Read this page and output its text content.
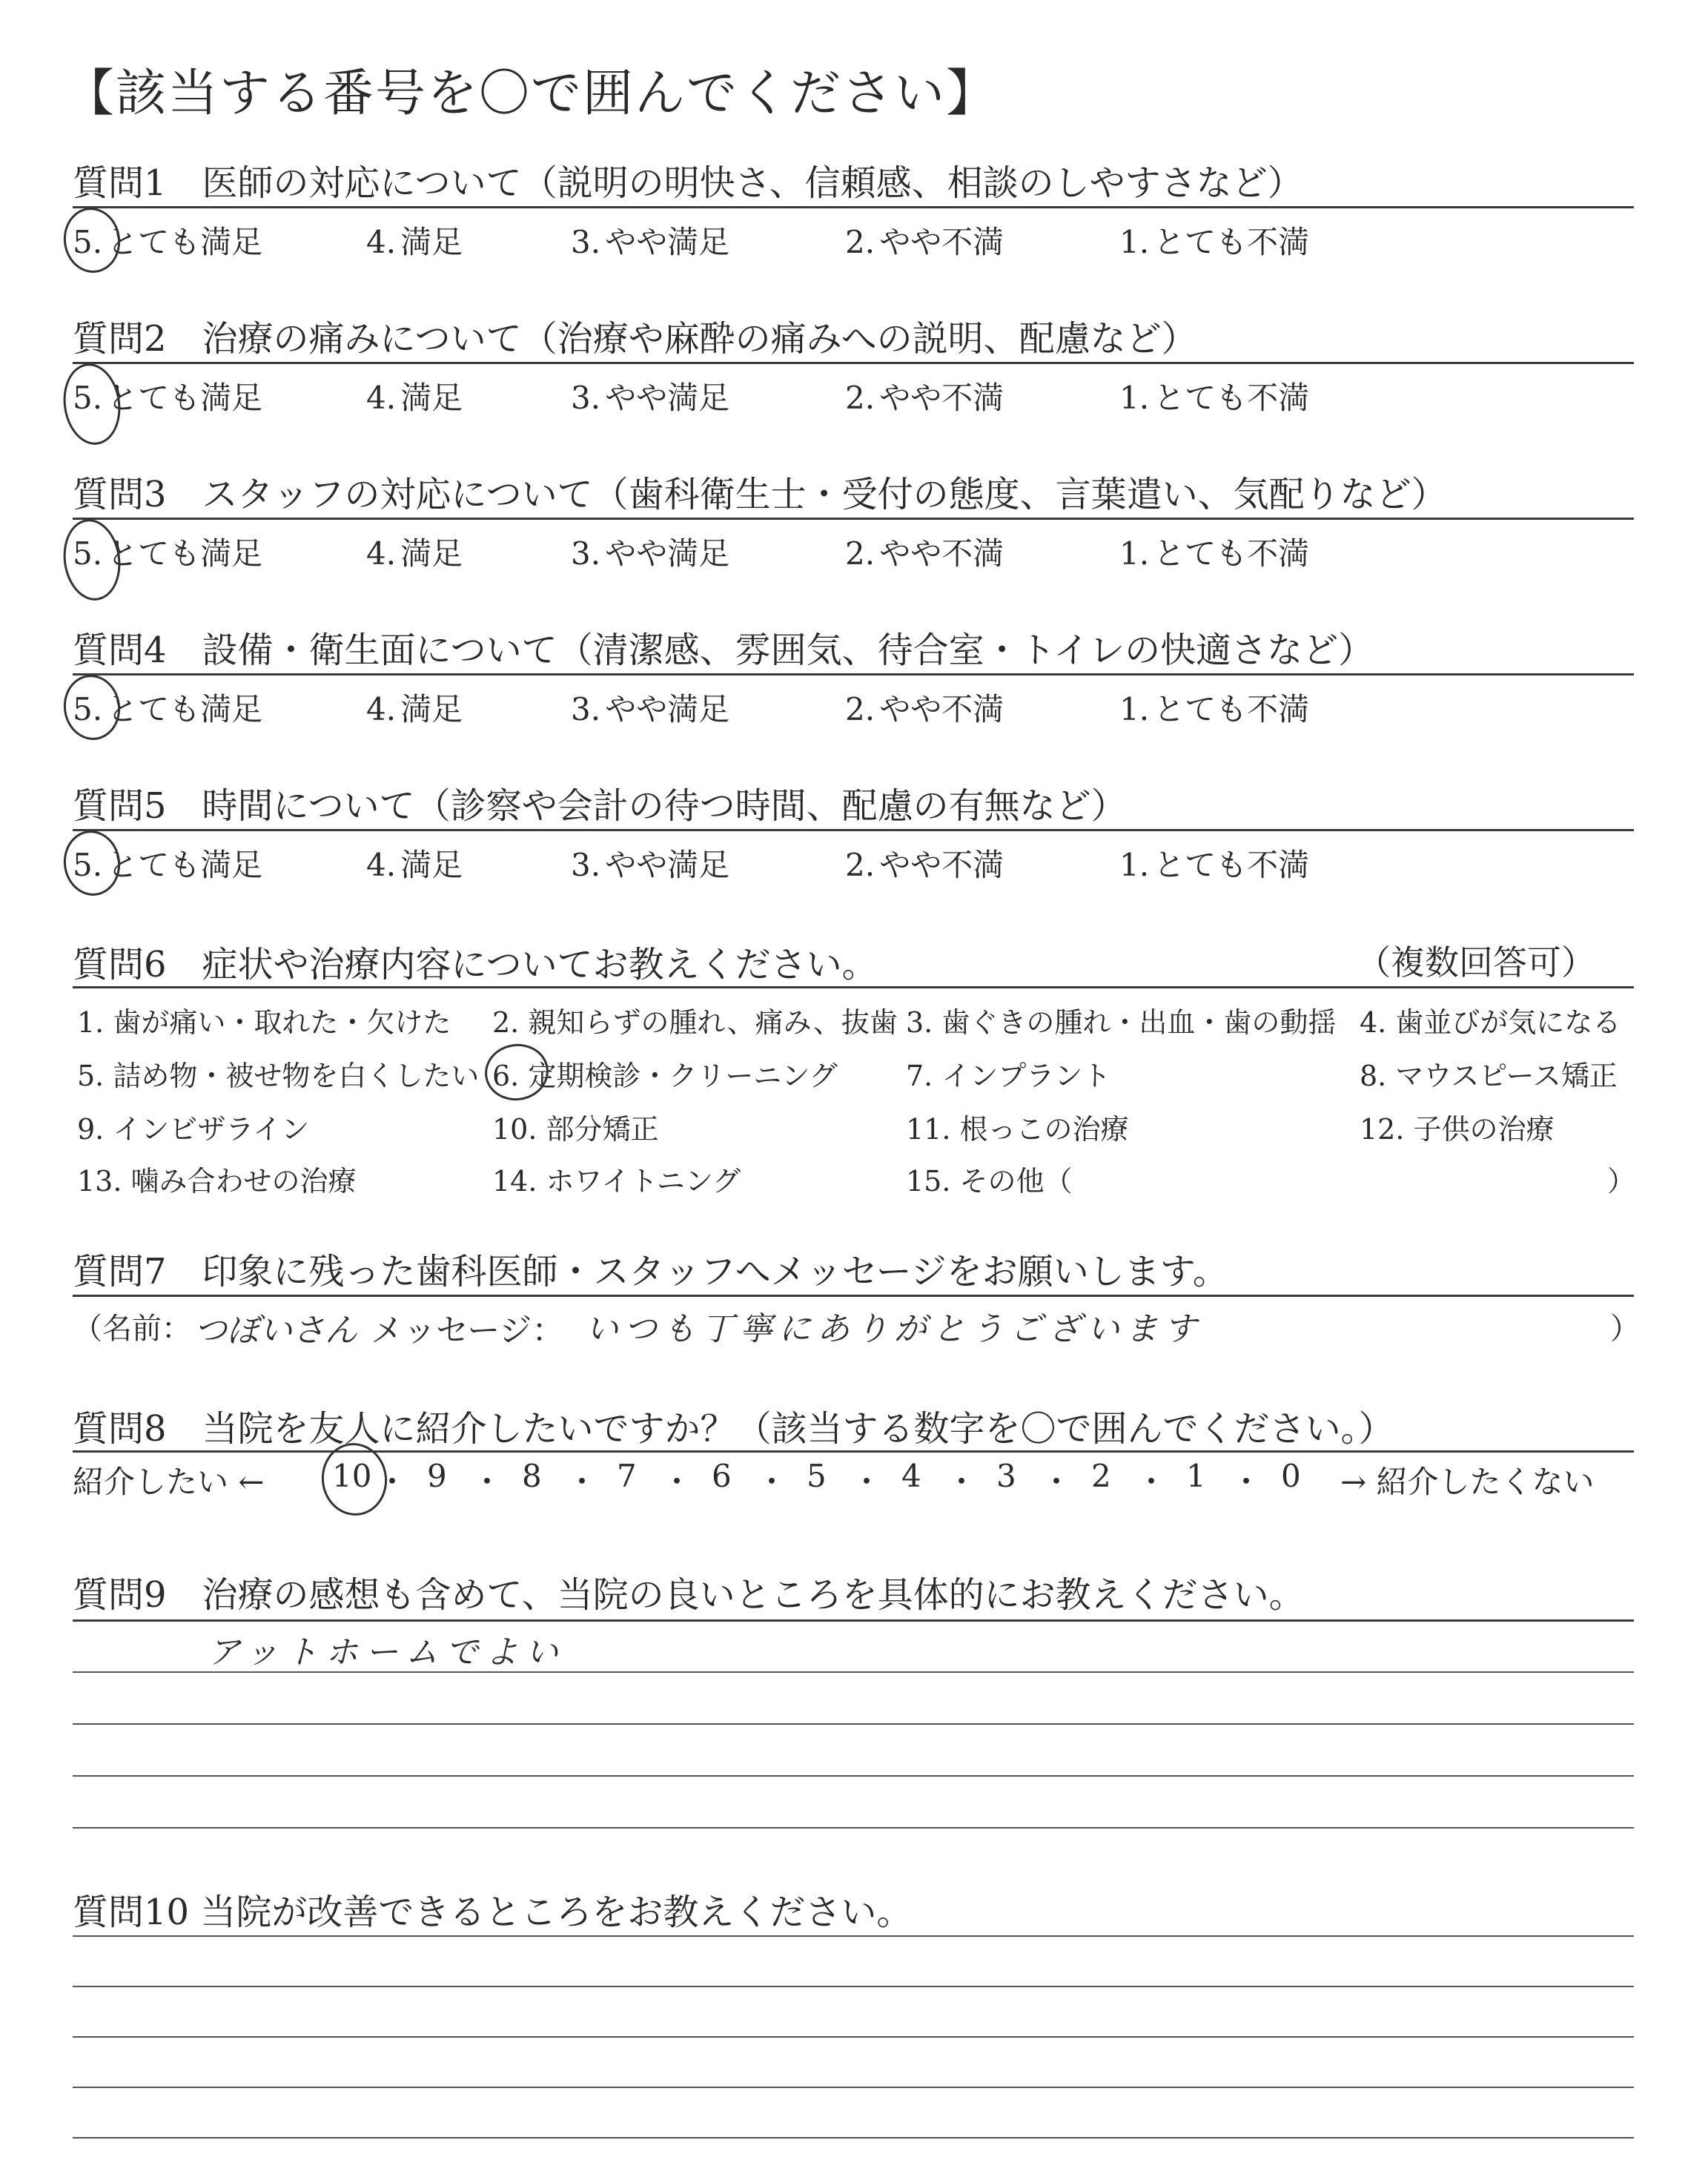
【該当する番号を〇で囲んでください】
質問1　医師の対応について（説明の明快さ、信頼感、相談のしやすさなど）
5. とても満足	4. 満足	3. やや満足	2. やや不満	1. とても不満
質問2　治療の痛みについて（治療や麻酔の痛みへの説明、配慮など）
5. とても満足	4. 満足	3. やや満足	2. やや不満	1. とても不満
質問3　スタッフの対応について（歯科衛生士・受付の態度、言葉遣い、気配りなど）
5. とても満足	4. 満足	3. やや満足	2. やや不満	1. とても不満
質問4　設備・衛生面について（清潔感、雰囲気、待合室・トイレの快適さなど）
5. とても満足	4. 満足	3. やや満足	2. やや不満	1. とても不満
質問5　時間について（診察や会計の待つ時間、配慮の有無など）
5. とても満足	4. 満足	3. やや満足	2. やや不満	1. とても不満
質問6　症状や治療内容についてお教えください。	（複数回答可）
1. 歯が痛い・取れた・欠けた 2. 親知らずの腫れ、痛み、抜歯 3. 歯ぐきの腫れ・出血・歯の動揺 4. 歯並びが気になる
5. 詰め物・被せ物を白くしたい 6. 定期検診・クリーニング 7. インプラント	8. マウスピース矯正
9. インビザライン	10. 部分矯正	11. 根っこの治療	12. 子供の治療
13. 噛み合わせの治療	14. ホワイトニング	15. その他（	）
質問7　印象に残った歯科医師・スタッフへメッセージをお願いします。
（名前： つぼいさん メッセージ： いつも丁寧にありがとうございます	）
質問8　当院を友人に紹介したいですか？（該当する数字を〇で囲んでください。）
紹介したい ←	→ 紹介したくない
10 ・ 9 ・ 8 ・ 7 ・ 6 ・ 5 ・ 4 ・ 3 ・ 2 ・ 1 ・ 0
質問9　治療の感想も含めて、当院の良いところを具体的にお教えください。
アットホームでよい
質問10 当院が改善できるところをお教えください。
